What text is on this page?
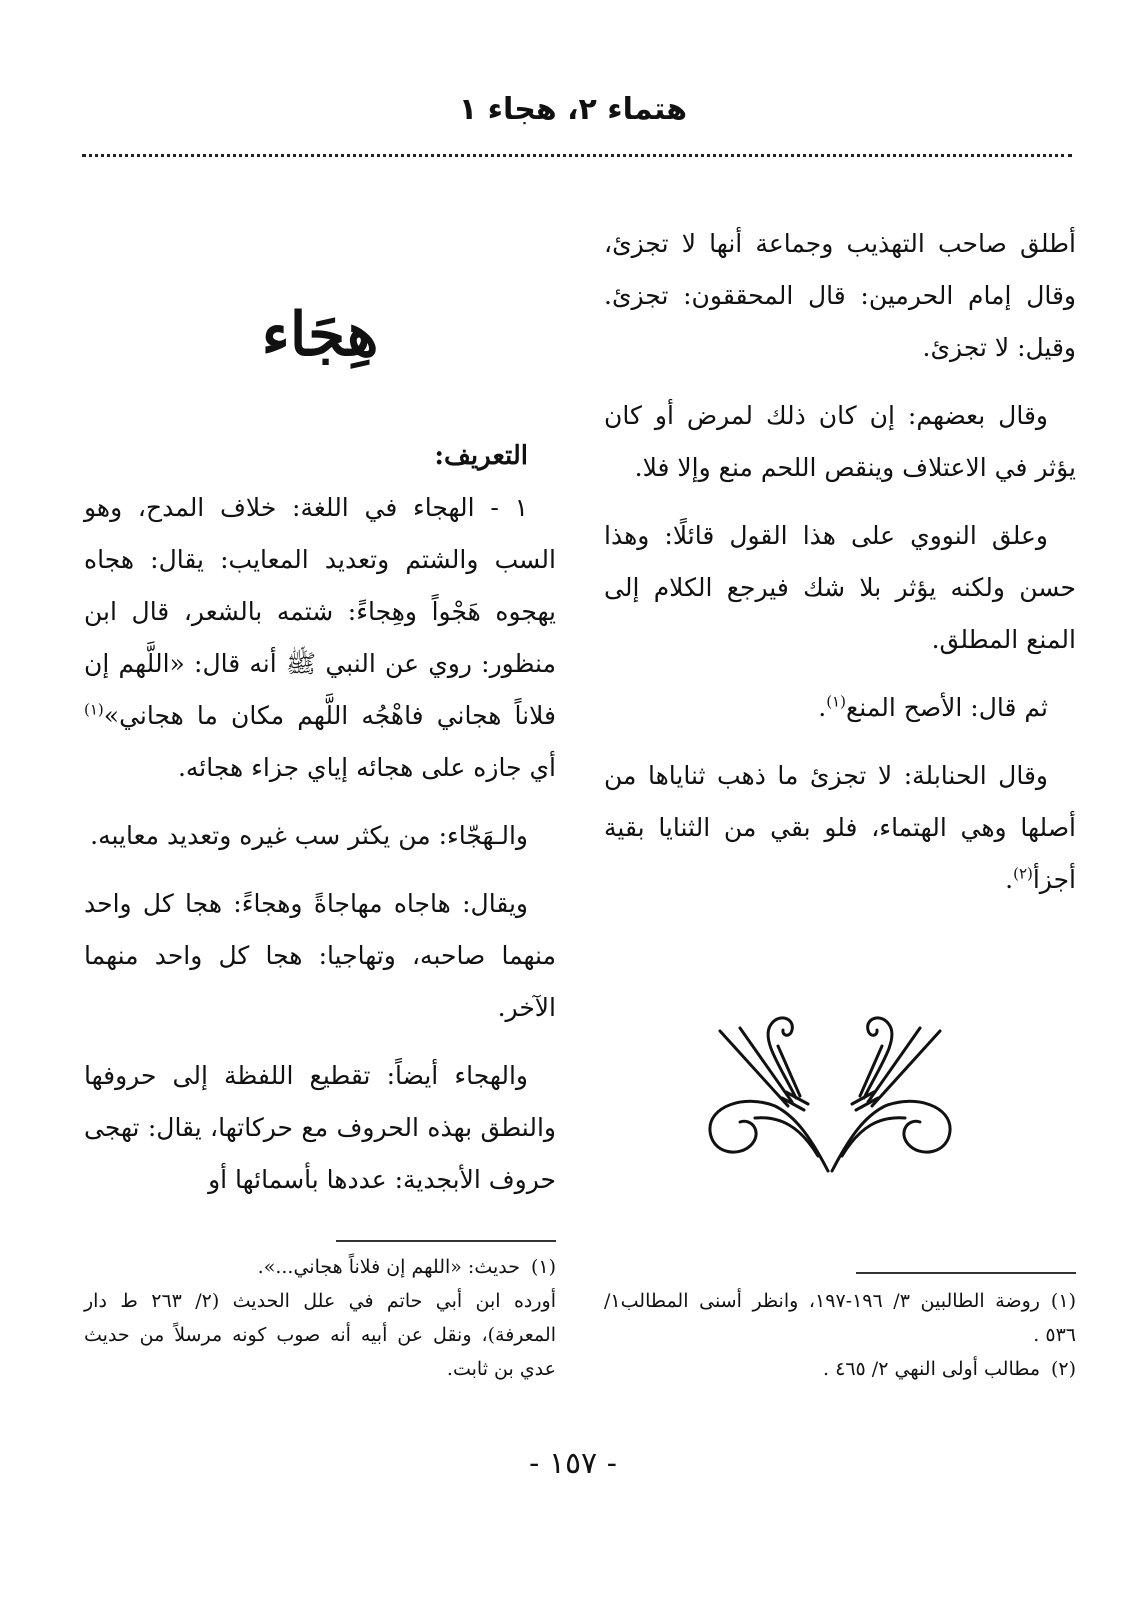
هتماء ٢، هجاء ١

أطلق صاحب التهذيب وجماعة أنها لا تجزئ، وقال إمام الحرمين: قال المحققون: تجزئ. وقيل: لا تجزئ.

وقال بعضهم: إن كان ذلك لمرض أو كان يؤثر في الاعتلاف وينقص اللحم منع وإلا فلا.

وعلق النووي على هذا القول قائلًا: وهذا حسن ولكنه يؤثر بلا شك فيرجع الكلام إلى المنع المطلق.

ثم قال: الأصح المنع$^{(١)}$.

وقال الحنابلة: لا تجزئ ما ذهب ثناياها من أصلها وهي الهتماء، فلو بقي من الثنايا بقية أجزأ$^{(٢)}$.

هِجَاء

التعريف:

١ - الهجاء في اللغة: خلاف المدح، وهو السب والشتم وتعديد المعايب: يقال: هجاه يهجوه هَجْواً وهِجاءً: شتمه بالشعر، قال ابن منظور: روي عن النبي ﷺ أنه قال: «اللَّهم إن فلاناً هجاني فاهْجُه اللَّهم مكان ما هجاني»$^{(١)}$ أي جازه على هجائه إياي جزاء هجائه.

والـهَجّاء: من يكثر سب غيره وتعديد معايبه.

ويقال: هاجاه مهاجاةً وهجاءً: هجا كل واحد منهما صاحبه، وتهاجيا: هجا كل واحد منهما الآخر.

والهجاء أيضاً: تقطيع اللفظة إلى حروفها والنطق بهذه الحروف مع حركاتها، يقال: تهجى حروف الأبجدية: عددها بأسمائها أو

(١)حديث: «اللهم إن فلاناً هجاني...».

أورده ابن أبي حاتم في علل الحديث (٢/ ٢٦٣ ط دار المعرفة)، ونقل عن أبيه أنه صوب كونه مرسلاً من حديث عدي بن ثابت.

(١)روضة الطالبين ٣/ ١٩٦-١٩٧، وانظر أسنى المطالب١/ ٥٣٦ .

(٢)مطالب أولى النهي ٢/ ٤٦٥ .

- ١٥٧ -
